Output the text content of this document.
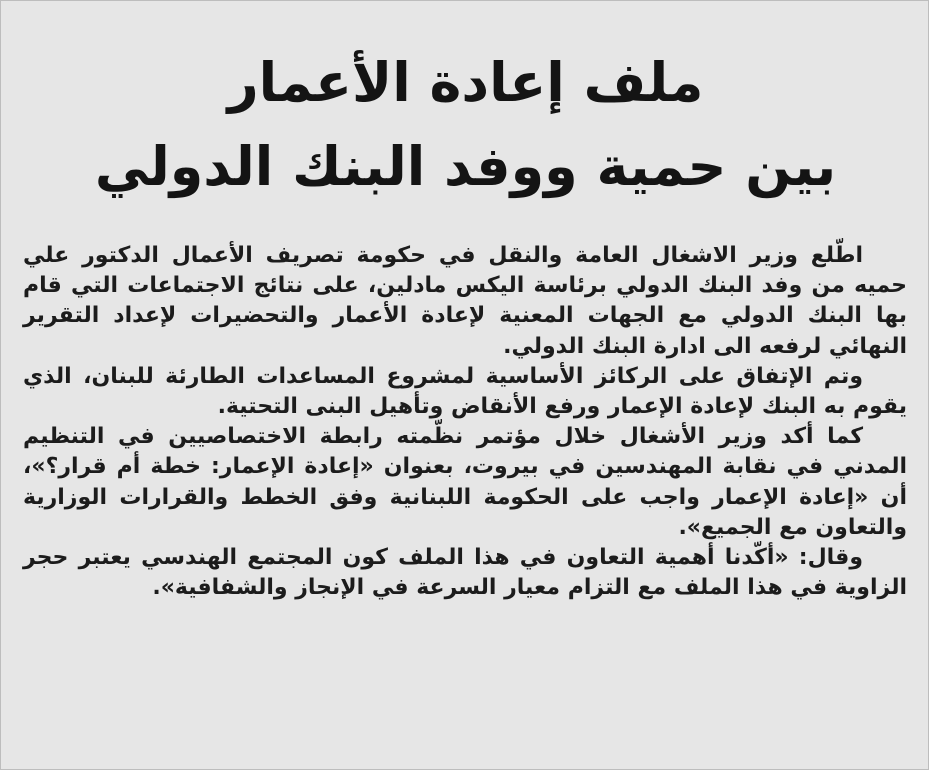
ملف إعادة الأعمار
بين حمية ووفد البنك الدولي

اطّلع وزير الاشغال العامة والنقل في حكومة تصريف الأعمال الدكتور علي حميه من وفد البنك الدولي برئاسة اليكس مادلين، على نتائج الاجتماعات التي قام بها البنك الدولي مع الجهات المعنية لإعادة الأعمار والتحضيرات لإعداد التقرير النهائي لرفعه الى ادارة البنك الدولي.

وتم الإتفاق على الركائز الأساسية لمشروع المساعدات الطارئة للبنان، الذي يقوم به البنك لإعادة الإعمار ورفع الأنقاض وتأهيل البنى التحتية.

كما أكد وزير الأشغال خلال مؤتمر نظّمته رابطة الاختصاصيين في التنظيم المدني في نقابة المهندسين في بيروت، بعنوان «إعادة الإعمار: خطة أم قرار؟»، أن «إعادة الإعمار واجب على الحكومة اللبنانية وفق الخطط والقرارات الوزارية والتعاون مع الجميع».

وقال: «أكّدنا أهمية التعاون في هذا الملف كون المجتمع الهندسي يعتبر حجر الزاوية في هذا الملف مع التزام معيار السرعة في الإنجاز والشفافية».
